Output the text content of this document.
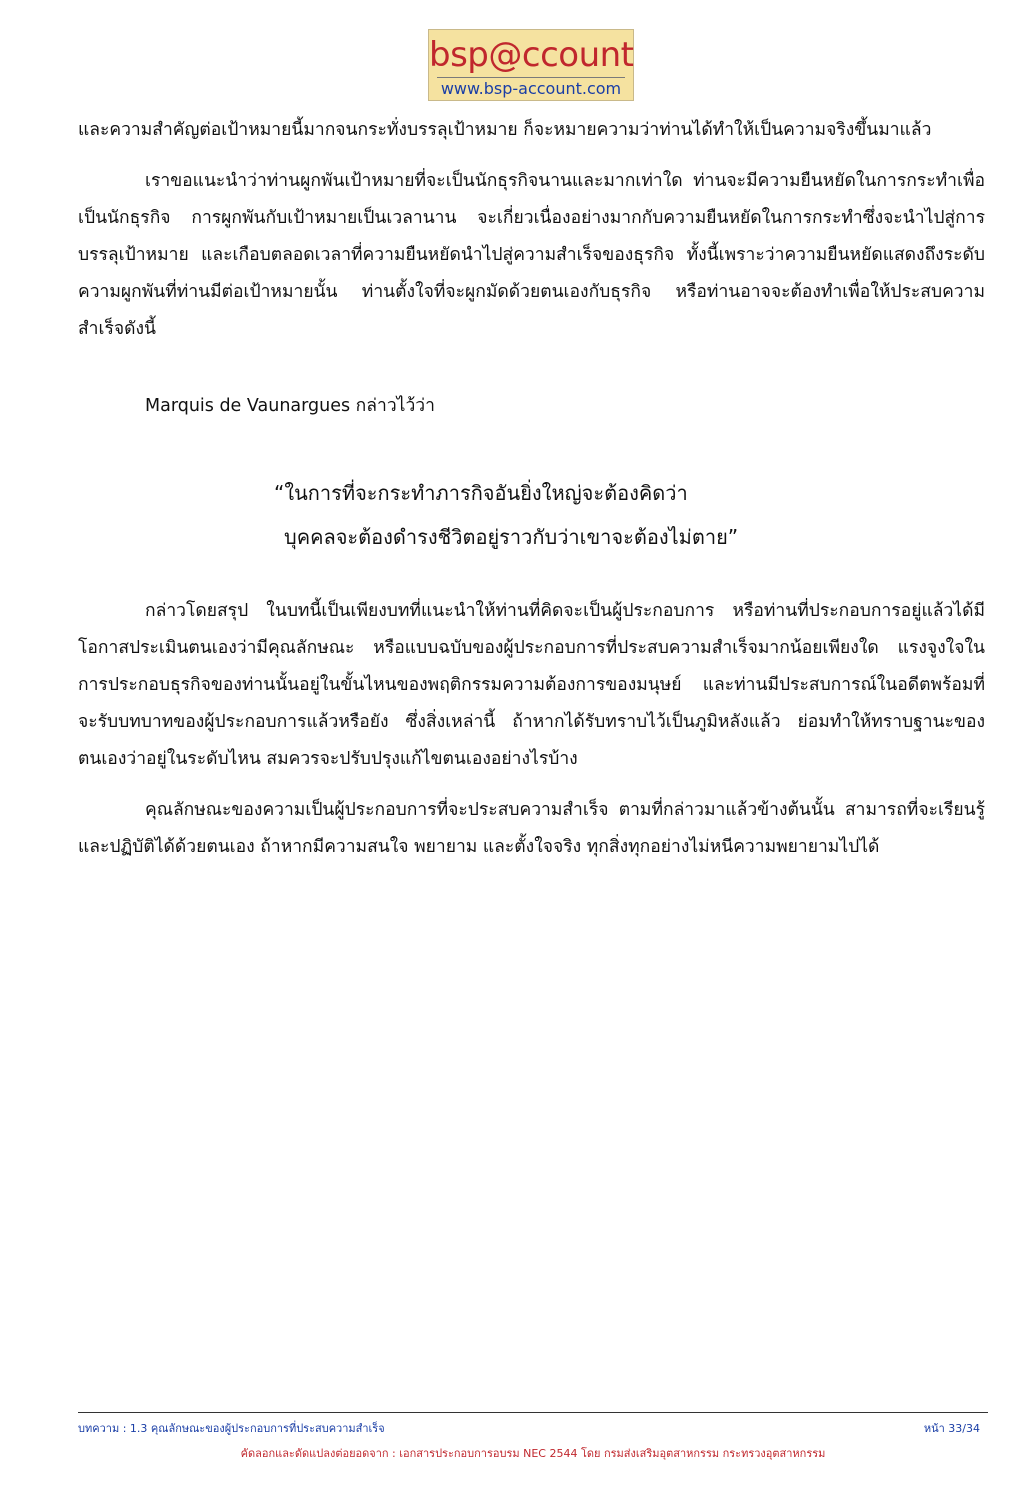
bsp@ccount
www.bsp-account.com

และความสำคัญต่อเป้าหมายนี้มากจนกระทั่งบรรลุเป้าหมาย ก็จะหมายความว่าท่านได้ทำให้เป็นความจริงขึ้นมาแล้ว

เราขอแนะนำว่าท่านผูกพันเป้าหมายที่จะเป็นนักธุรกิจนานและมากเท่าใด ท่านจะมีความยืนหยัดในการกระทำเพื่อเป็นนักธุรกิจ การผูกพันกับเป้าหมายเป็นเวลานาน จะเกี่ยวเนื่องอย่างมากกับความยืนหยัดในการกระทำซึ่งจะนำไปสู่การบรรลุเป้าหมาย และเกือบตลอดเวลาที่ความยืนหยัดนำไปสู่ความสำเร็จของธุรกิจ ทั้งนี้เพราะว่าความยืนหยัดแสดงถึงระดับความผูกพันที่ท่านมีต่อเป้าหมายนั้น ท่านตั้งใจที่จะผูกมัดด้วยตนเองกับธุรกิจ หรือท่านอาจจะต้องทำเพื่อให้ประสบความสำเร็จดังนี้

Marquis de Vaunargues กล่าวไว้ว่า

“ในการที่จะกระทำภารกิจอันยิ่งใหญ่จะต้องคิดว่า

บุคคลจะต้องดำรงชีวิตอยู่ราวกับว่าเขาจะต้องไม่ตาย”

กล่าวโดยสรุป ในบทนี้เป็นเพียงบทที่แนะนำให้ท่านที่คิดจะเป็นผู้ประกอบการ หรือท่านที่ประกอบการอยู่แล้วได้มีโอกาสประเมินตนเองว่ามีคุณลักษณะ หรือแบบฉบับของผู้ประกอบการที่ประสบความสำเร็จมากน้อยเพียงใด แรงจูงใจในการประกอบธุรกิจของท่านนั้นอยู่ในขั้นไหนของพฤติกรรมความต้องการของมนุษย์ และท่านมีประสบการณ์ในอดีตพร้อมที่จะรับบทบาทของผู้ประกอบการแล้วหรือยัง ซึ่งสิ่งเหล่านี้ ถ้าหากได้รับทราบไว้เป็นภูมิหลังแล้ว ย่อมทำให้ทราบฐานะของตนเองว่าอยู่ในระดับไหน สมควรจะปรับปรุงแก้ไขตนเองอย่างไรบ้าง

คุณลักษณะของความเป็นผู้ประกอบการที่จะประสบความสำเร็จ ตามที่กล่าวมาแล้วข้างต้นนั้น สามารถที่จะเรียนรู้และปฏิบัติได้ด้วยตนเอง ถ้าหากมีความสนใจ พยายาม และตั้งใจจริง ทุกสิ่งทุกอย่างไม่หนีความพยายามไปได้

บทความ : 1.3 คุณลักษณะของผู้ประกอบการที่ประสบความสำเร็จ	หน้า 33/34
คัดลอกและดัดแปลงต่อยอดจาก : เอกสารประกอบการอบรม NEC 2544 โดย กรมส่งเสริมอุตสาหกรรม กระทรวงอุตสาหกรรม
